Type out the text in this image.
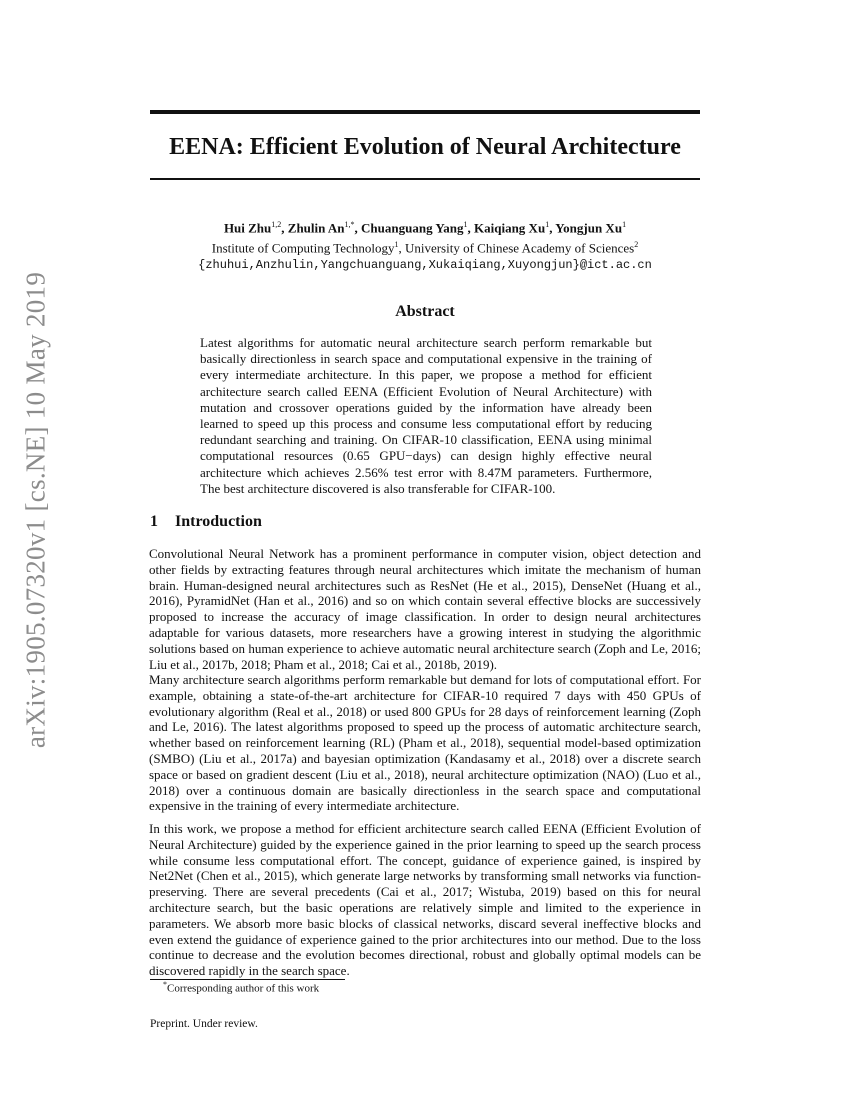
arXiv:1905.07320v1 [cs.NE] 10 May 2019
EENA: Efficient Evolution of Neural Architecture
Hui Zhu$^{1,2}$, Zhulin $An^{1,*}$, Chuanguang Yang$^1$, Kaiqiang Xu$^1$, Yongjun Xu$^1$
Institute of Computing Technology$^1$, University of Chinese Academy of Sciences$^2$
{zhuhui,Anzhulin,Yangchuanguang,Xukaiqiang,Xuyongjun}@ict.ac.cn
Abstract

Latest algorithms for automatic neural architecture search perform remarkable but basically directionless in search space and computational expensive in the training of every intermediate architecture. In this paper, we propose a method for efficient architecture search called EENA (Efficient Evolution of Neural Architecture) with mutation and crossover operations guided by the information have already been learned to speed up this process and consume less computational effort by reducing redundant searching and training. On CIFAR-10 classification, EENA using minimal computational resources (0.65 GPU−days) can design highly effective neural architecture which achieves 2.56% test error with 8.47M parameters. Furthermore, The best architecture discovered is also transferable for CIFAR-100.

1 Introduction

Convolutional Neural Network has a prominent performance in computer vision, object detection and other fields by extracting features through neural architectures which imitate the mechanism of human brain. Human-designed neural architectures such as ResNet (He et al., 2015), DenseNet (Huang et al., 2016), PyramidNet (Han et al., 2016) and so on which contain several effective blocks are successively proposed to increase the accuracy of image classification. In order to design neural architectures adaptable for various datasets, more researchers have a growing interest in studying the algorithmic solutions based on human experience to achieve automatic neural architecture search (Zoph and Le, 2016; Liu et al., 2017b, 2018; Pham et al., 2018; Cai et al., 2018b, 2019).

Many architecture search algorithms perform remarkable but demand for lots of computational effort. For example, obtaining a state-of-the-art architecture for CIFAR-10 required 7 days with 450 GPUs of evolutionary algorithm (Real et al., 2018) or used 800 GPUs for 28 days of reinforcement learning (Zoph and Le, 2016). The latest algorithms proposed to speed up the process of automatic architecture search, whether based on reinforcement learning (RL) (Pham et al., 2018), sequential model-based optimization (SMBO) (Liu et al., 2017a) and bayesian optimization (Kandasamy et al., 2018) over a discrete search space or based on gradient descent (Liu et al., 2018), neural architecture optimization (NAO) (Luo et al., 2018) over a continuous domain are basically directionless in the search space and computational expensive in the training of every intermediate architecture.

In this work, we propose a method for efficient architecture search called EENA (Efficient Evolution of Neural Architecture) guided by the experience gained in the prior learning to speed up the search process while consume less computational effort. The concept, guidance of experience gained, is inspired by Net2Net (Chen et al., 2015), which generate large networks by transforming small networks via function-preserving. There are several precedents (Cai et al., 2017; Wistuba, 2019) based on this for neural architecture search, but the basic operations are relatively simple and limited to the experience in parameters. We absorb more basic blocks of classical networks, discard several ineffective blocks and even extend the guidance of experience gained to the prior architectures into our method. Due to the loss continue to decrease and the evolution becomes directional, robust and globally optimal models can be discovered rapidly in the search space.

*Corresponding author of this work

Preprint. Under review.
